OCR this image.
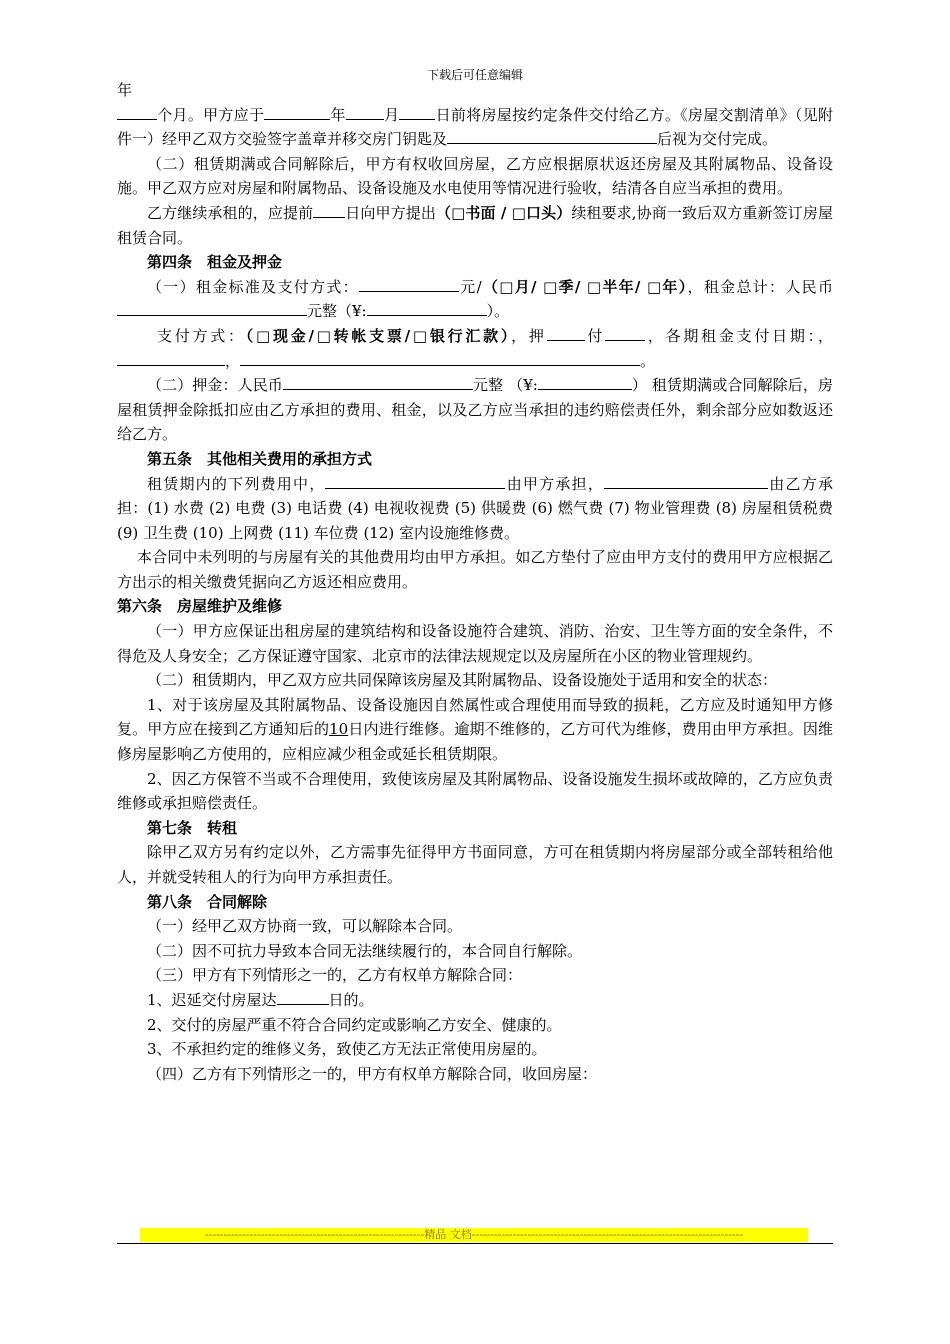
下载后可任意编辑

年

个月。甲方应于	年	月 日前将房屋按约定条件交付给乙方。《房屋交割清单》（见附件一）经甲乙双方交验签字盖章并移交房门钥匙及	后视为交付完成。

（二）租赁期满或合同解除后，甲方有权收回房屋，乙方应根据原状返还房屋及其附属物品、设备设施。甲乙双方应对房屋和附属物品、设备设施及水电使用等情况进行验收，结清各自应当承担的费用。

乙方继续承租的，应提前 日向甲方提出（□书面 / □口头）续租要求,协商一致后双方重新签订房屋租赁合同。

第四条　租金及押金

（一）租金标准及支付方式：	元/（□月/ □季/ □半年/ □年），租金总计：人民币元整（¥:	）。

支付方式：（□现金/□转帐支票/□银行汇款），押	付	，各期租金支付日期：，，	。

（二）押金：人民币	元整 （¥:	） 租赁期满或合同解除后，房屋租赁押金除抵扣应由乙方承担的费用、租金，以及乙方应当承担的违约赔偿责任外，剩余部分应如数返还给乙方。

第五条　其他相关费用的承担方式

租赁期内的下列费用中，	由甲方承担，	由乙方承担：(1) 水费 (2) 电费 (3) 电话费 (4) 电视收视费 (5) 供暖费 (6) 燃气费 (7) 物业管理费 (8) 房屋租赁税费 (9) 卫生费 (10) 上网费 (11) 车位费 (12) 室内设施维修费。

本合同中未列明的与房屋有关的其他费用均由甲方承担。如乙方垫付了应由甲方支付的费用甲方应根据乙方出示的相关缴费凭据向乙方返还相应费用。

第六条　房屋维护及维修

（一）甲方应保证出租房屋的建筑结构和设备设施符合建筑、消防、治安、卫生等方面的安全条件，不得危及人身安全；乙方保证遵守国家、北京市的法律法规规定以及房屋所在小区的物业管理规约。

（二）租赁期内，甲乙双方应共同保障该房屋及其附属物品、设备设施处于适用和安全的状态：

1、对于该房屋及其附属物品、设备设施因自然属性或合理使用而导致的损耗，乙方应及时通知甲方修复。甲方应在接到乙方通知后的10日内进行维修。逾期不维修的，乙方可代为维修，费用由甲方承担。因维修房屋影响乙方使用的，应相应减少租金或延长租赁期限。

2、因乙方保管不当或不合理使用，致使该房屋及其附属物品、设备设施发生损坏或故障的，乙方应负责维修或承担赔偿责任。

第七条　转租

除甲乙双方另有约定以外，乙方需事先征得甲方书面同意，方可在租赁期内将房屋部分或全部转租给他人，并就受转租人的行为向甲方承担责任。

第八条　合同解除

（一）经甲乙双方协商一致，可以解除本合同。

（二）因不可抗力导致本合同无法继续履行的，本合同自行解除。

（三）甲方有下列情形之一的，乙方有权单方解除合同：

1、迟延交付房屋达	日的。

2、交付的房屋严重不符合合同约定或影响乙方安全、健康的。

3、不承担约定的维修义务，致使乙方无法正常使用房屋的。

（四）乙方有下列情形之一的，甲方有权单方解除合同，收回房屋：

-----------------------------------------------------------精品 文档-------------------------------------------------------------------------
